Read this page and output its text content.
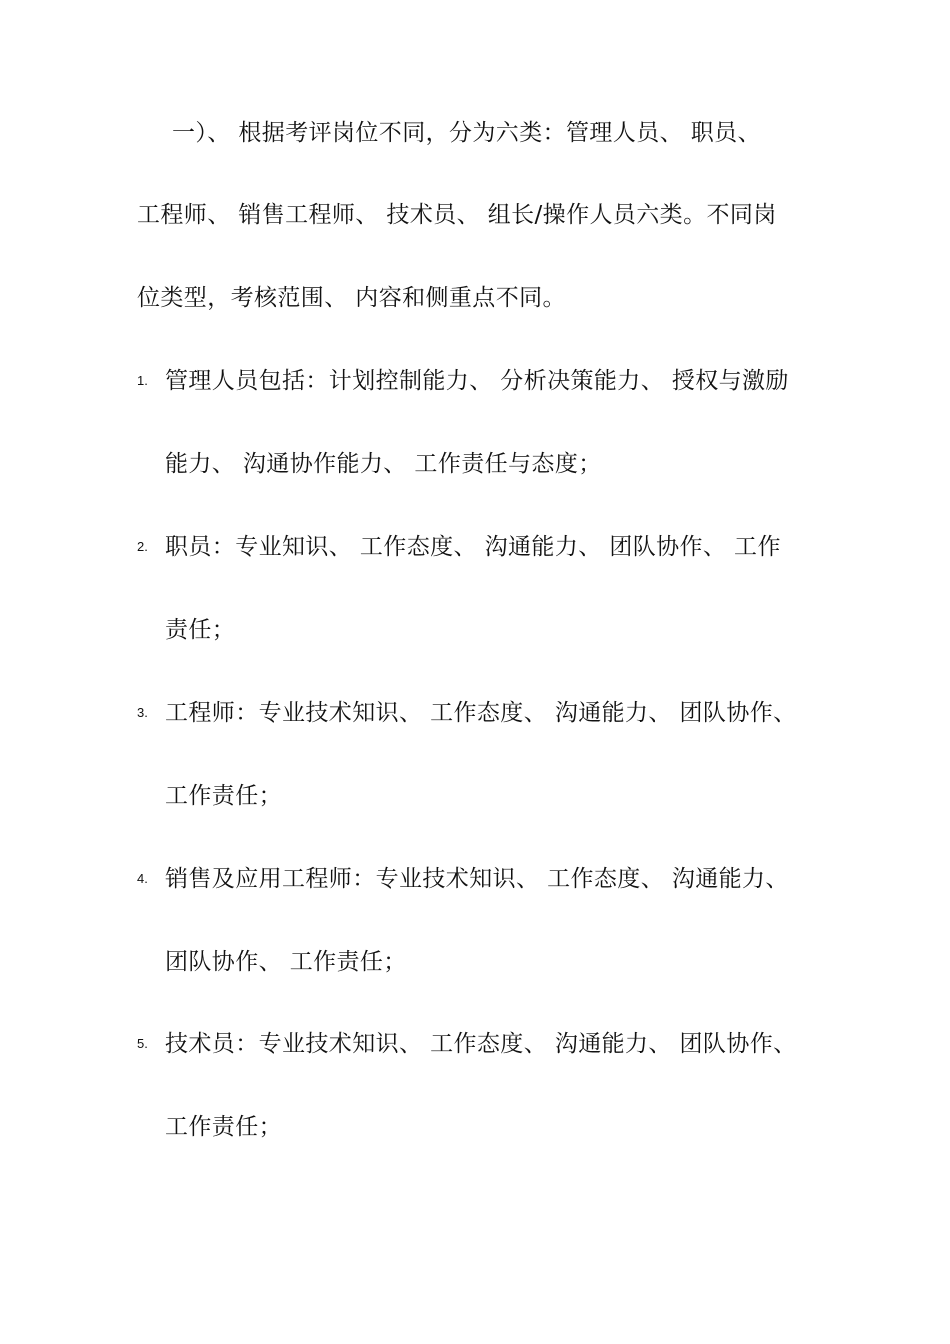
一）、 根据考评岗位不同，分为六类：管理人员、 职员、
工程师、 销售工程师、 技术员、 组长/操作人员六类。不同岗
位类型，考核范围、 内容和侧重点不同。
1. 管理人员包括：计划控制能力、 分析决策能力、 授权与激励
能力、 沟通协作能力、 工作责任与态度；
2. 职员：专业知识、 工作态度、 沟通能力、 团队协作、 工作
责任；
3. 工程师：专业技术知识、 工作态度、 沟通能力、 团队协作、
工作责任；
4. 销售及应用工程师：专业技术知识、 工作态度、 沟通能力、
团队协作、 工作责任；
5. 技术员：专业技术知识、 工作态度、 沟通能力、 团队协作、
工作责任；
